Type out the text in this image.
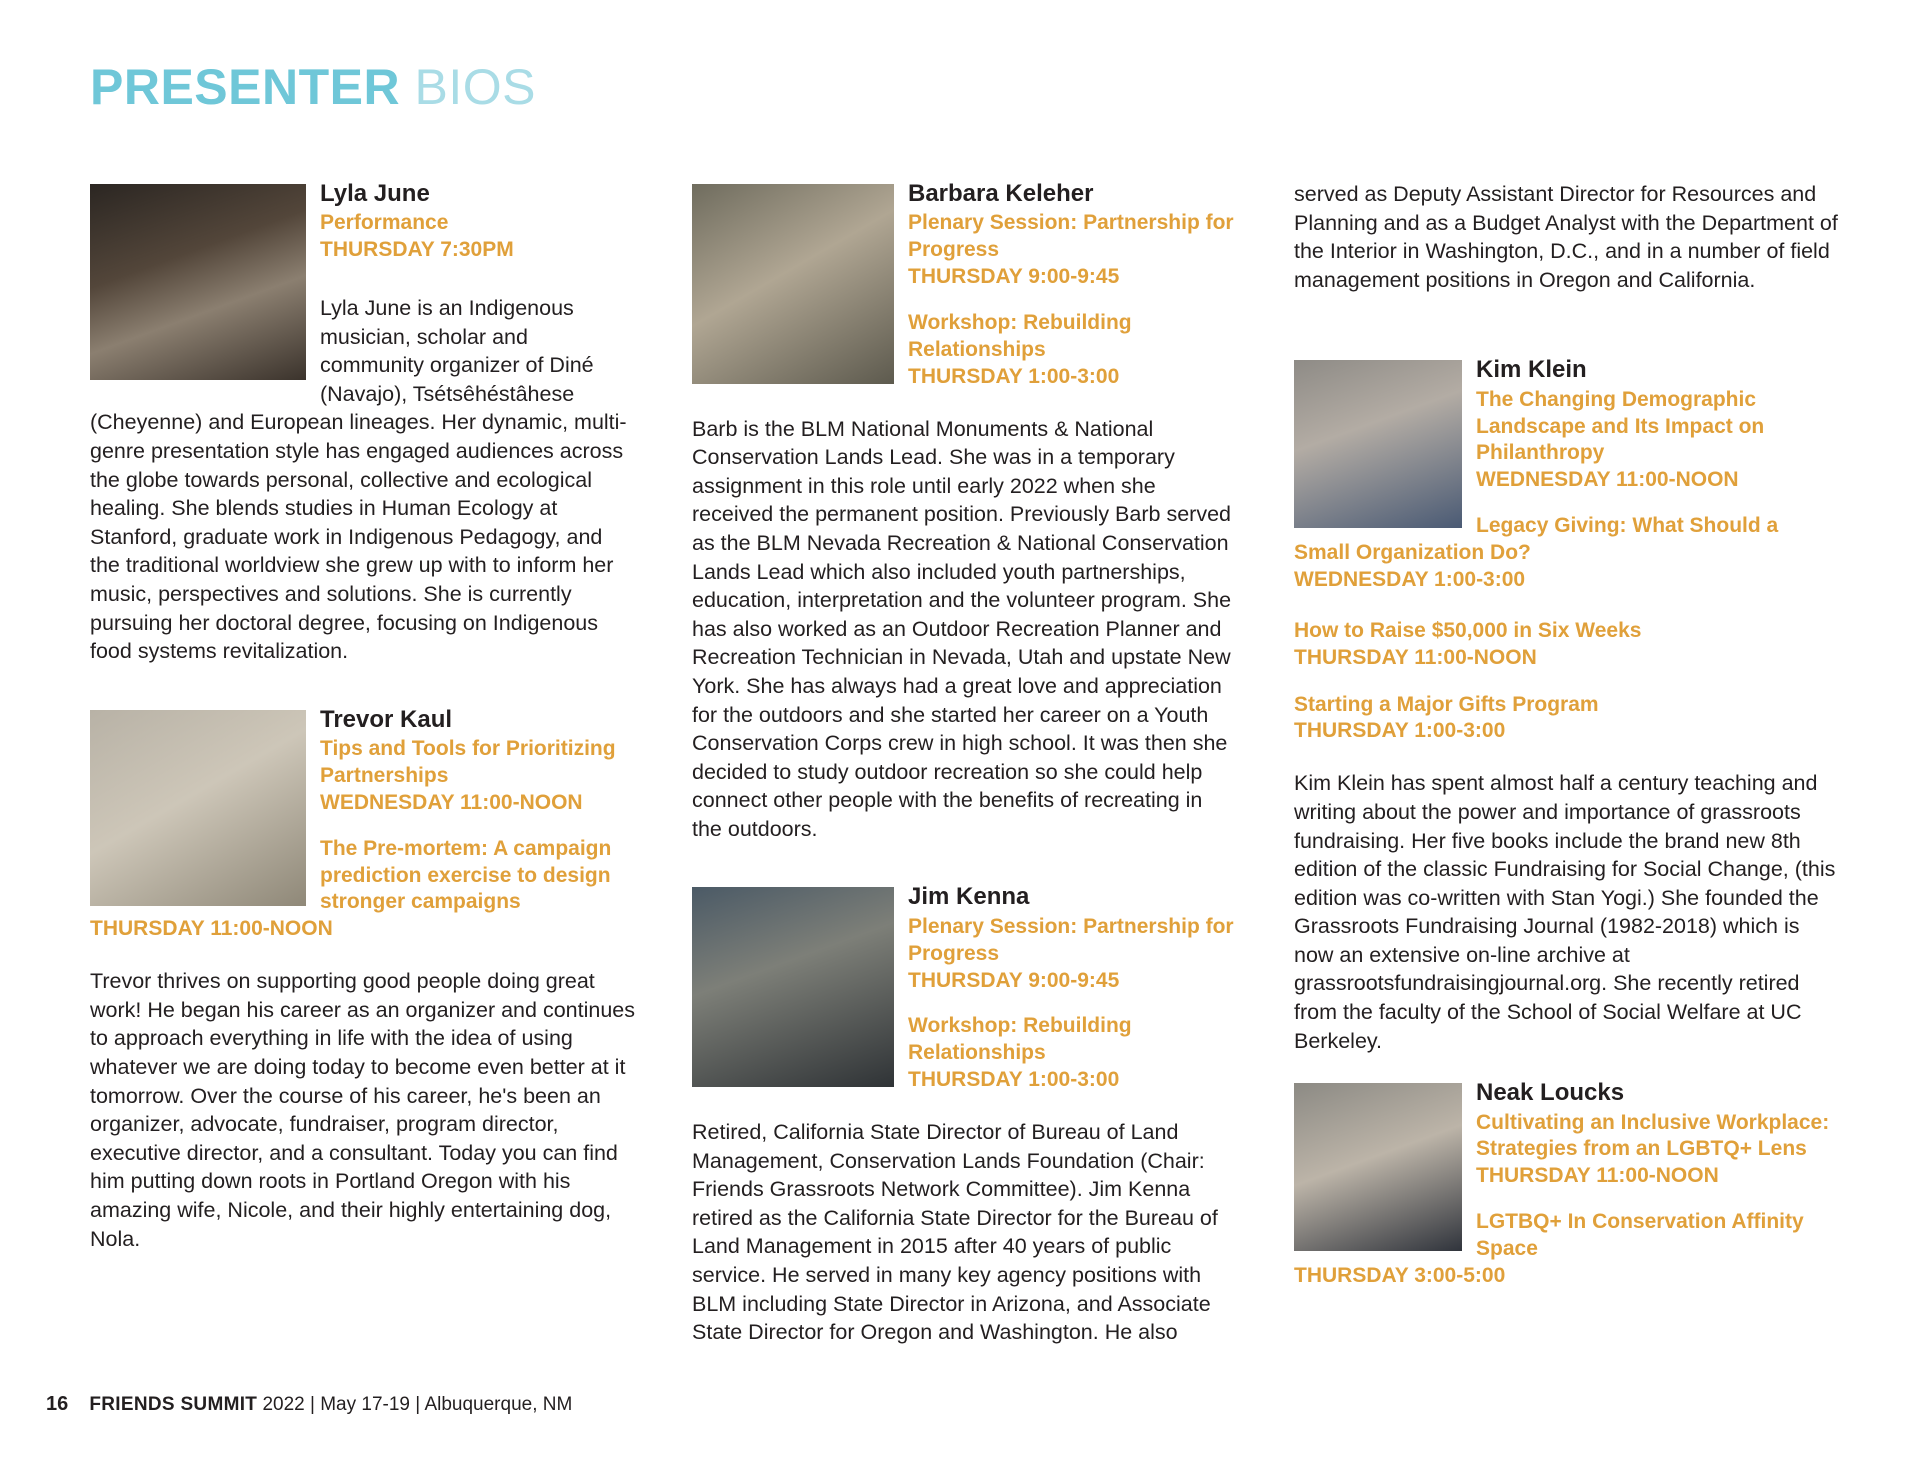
PRESENTER BIOS
Lyla June
Performance
THURSDAY 7:30PM

Lyla June is an Indigenous musician, scholar and community organizer of Diné (Navajo), Tsétsêhéstâhese (Cheyenne) and European lineages. Her dynamic, multi-genre presentation style has engaged audiences across the globe towards personal, collective and ecological healing. She blends studies in Human Ecology at Stanford, graduate work in Indigenous Pedagogy, and the traditional worldview she grew up with to inform her music, perspectives and solutions. She is currently pursuing her doctoral degree, focusing on Indigenous food systems revitalization.

Trevor Kaul
Tips and Tools for Prioritizing Partnerships
WEDNESDAY 11:00-NOON
The Pre-mortem: A campaign prediction exercise to design stronger campaigns
THURSDAY 11:00-NOON

Trevor thrives on supporting good people doing great work! He began his career as an organizer and continues to approach everything in life with the idea of using whatever we are doing today to become even better at it tomorrow. Over the course of his career, he's been an organizer, advocate, fundraiser, program director, executive director, and a consultant. Today you can find him putting down roots in Portland Oregon with his amazing wife, Nicole, and their highly entertaining dog, Nola.

Barbara Keleher
Plenary Session: Partnership for Progress
THURSDAY 9:00-9:45
Workshop: Rebuilding Relationships
THURSDAY 1:00-3:00

Barb is the BLM National Monuments & National Conservation Lands Lead. She was in a temporary assignment in this role until early 2022 when she received the permanent position. Previously Barb served as the BLM Nevada Recreation & National Conservation Lands Lead which also included youth partnerships, education, interpretation and the volunteer program. She has also worked as an Outdoor Recreation Planner and Recreation Technician in Nevada, Utah and upstate New York. She has always had a great love and appreciation for the outdoors and she started her career on a Youth Conservation Corps crew in high school. It was then she decided to study outdoor recreation so she could help connect other people with the benefits of recreating in the outdoors.

Jim Kenna
Plenary Session: Partnership for Progress
THURSDAY 9:00-9:45
Workshop: Rebuilding Relationships
THURSDAY 1:00-3:00

Retired, California State Director of Bureau of Land Management, Conservation Lands Foundation (Chair: Friends Grassroots Network Committee). Jim Kenna retired as the California State Director for the Bureau of Land Management in 2015 after 40 years of public service. He served in many key agency positions with BLM including State Director in Arizona, and Associate State Director for Oregon and Washington. He also

served as Deputy Assistant Director for Resources and Planning and as a Budget Analyst with the Department of the Interior in Washington, D.C., and in a number of field management positions in Oregon and California.

Kim Klein
The Changing Demographic Landscape and Its Impact on Philanthropy
WEDNESDAY 11:00-NOON
Legacy Giving: What Should a Small Organization Do?
WEDNESDAY 1:00-3:00
How to Raise $50,000 in Six Weeks
THURSDAY 11:00-NOON
Starting a Major Gifts Program
THURSDAY 1:00-3:00

Kim Klein has spent almost half a century teaching and writing about the power and importance of grassroots fundraising. Her five books include the brand new 8th edition of the classic Fundraising for Social Change, (this edition was co-written with Stan Yogi.) She founded the Grassroots Fundraising Journal (1982-2018) which is now an extensive on-line archive at grassrootsfundraisingjournal.org. She recently retired from the faculty of the School of Social Welfare at UC Berkeley.

Neak Loucks
Cultivating an Inclusive Workplace: Strategies from an LGBTQ+ Lens
THURSDAY 11:00-NOON
LGTBQ+ In Conservation Affinity Space
THURSDAY 3:00-5:00
16 FRIENDS SUMMIT 2022 | May 17-19 | Albuquerque, NM
